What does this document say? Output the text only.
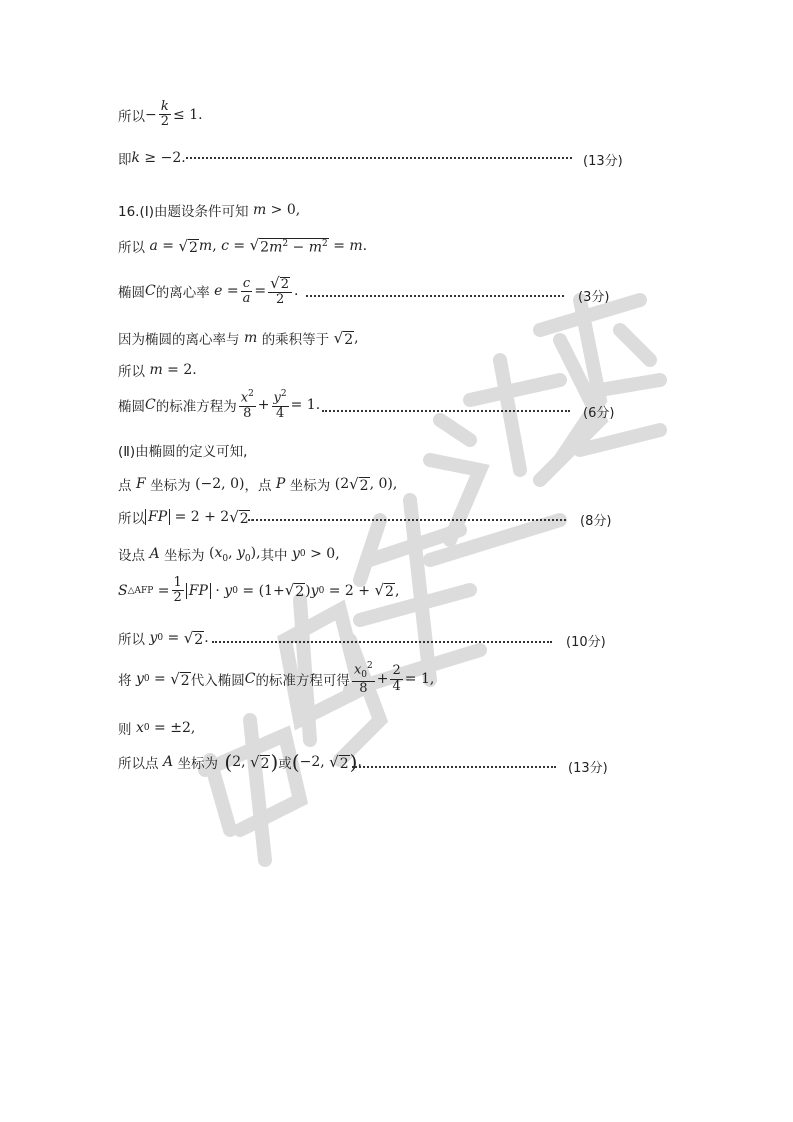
所以 − $\frac{k}{2} \le 1$.
即 k ≥ −2.	(13分)
16.(Ⅰ)由题设条件可知 m > 0,
所以 a = √ 2 m , c = √ $2m^2 - m^2 = m$ .
椭圆 C 的离心率 $e = \frac{c}{a} = \frac{√ 2}{2}$ .	(3分)
因为椭圆的离心率与 m 的乘积等于
√ 2 ,
所以 m = 2.
椭圆 C 的标准方程为 $\frac{x^2}{8} + \frac{y^2}{4} = 1$.
(6分)
(Ⅱ)由椭圆的定义可知,
点 F 坐标为 (−2, 0) ， 点 P 坐标为 (2 √ 2 , 0),
所以 FP = 2 + 2 √ 2 .	(8分)
设点 A 坐标为 ($x_0$, $y_0$), 其中 y 0 > 0,
S △AFP = $\frac{1}{2}$ FP · y 0 = (1+ √ 2 ) y 0 = 2 + √ 2 ,
所以 y 0 = √ 2 .	(10分)
将 y 0 = √ 2 代入椭圆 C 的标准方程可得 $\frac{x_0^2}{8} + \frac{2}{4} = 1$,
则 x 0 = ±2,
所以点 A 坐标为 ( 2, √ 2 ) 或 ( −2, √ 2 ) .	(13分)
